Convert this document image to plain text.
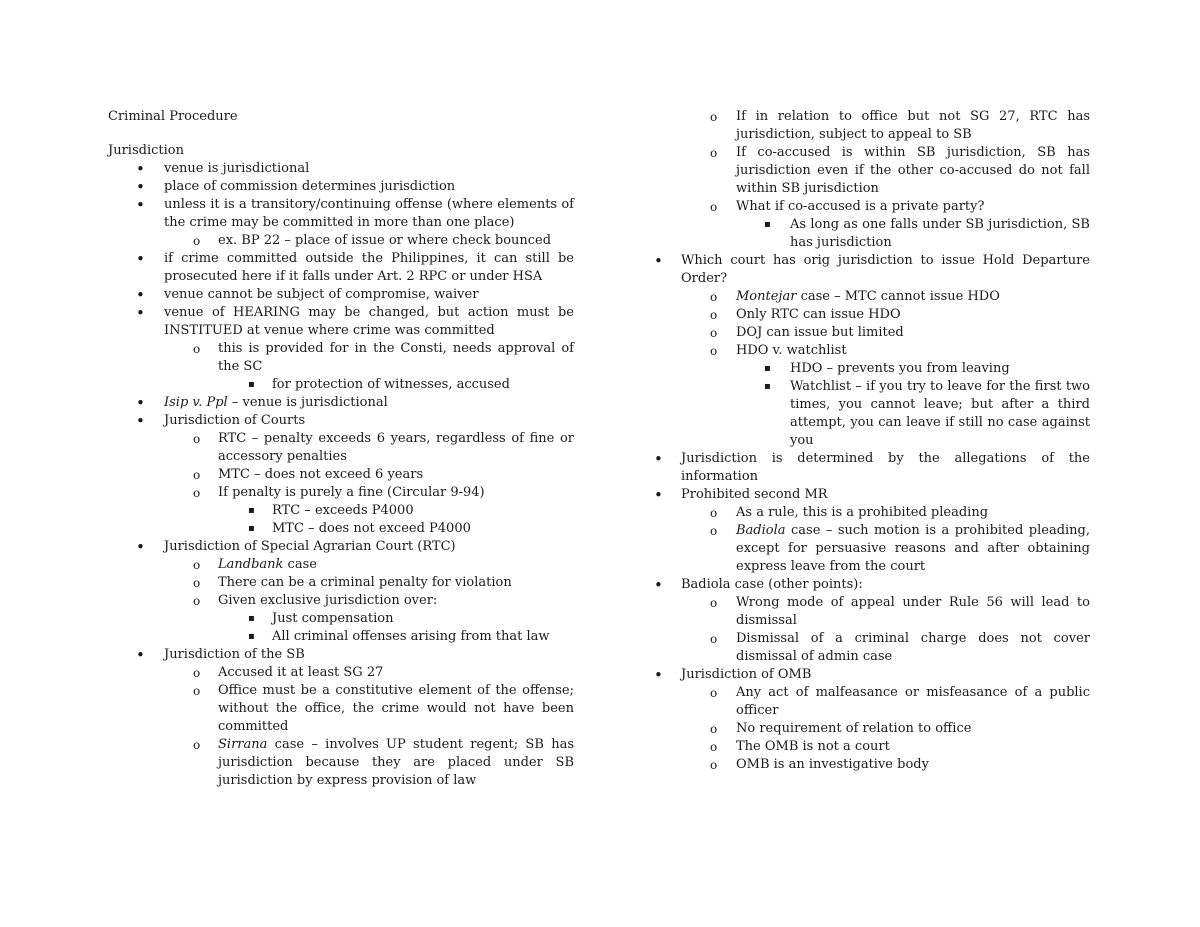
Criminal Procedure
Jurisdiction
• venue is jurisdictional
• place of commission determines jurisdiction
• unless it is a transitory/continuing offense (where elements of the crime may be committed in more than one place)
o ex. BP 22 – place of issue or where check bounced
• if crime committed outside the Philippines, it can still be prosecuted here if it falls under Art. 2 RPC or under HSA
• venue cannot be subject of compromise, waiver
• venue of HEARING may be changed, but action must be INSTITUED at venue where crime was committed
o this is provided for in the Consti, needs approval of the SC
▪ for protection of witnesses, accused
• Isip v. Ppl – venue is jurisdictional
• Jurisdiction of Courts
o RTC – penalty exceeds 6 years, regardless of fine or accessory penalties
o MTC – does not exceed 6 years
o If penalty is purely a fine (Circular 9-94)
▪ RTC – exceeds P4000
▪ MTC – does not exceed P4000
• Jurisdiction of Special Agrarian Court (RTC)
o Landbank case
o There can be a criminal penalty for violation
o Given exclusive jurisdiction over:
▪ Just compensation
▪ All criminal offenses arising from that law
• Jurisdiction of the SB
o Accused it at least SG 27
o Office must be a constitutive element of the offense; without the office, the crime would not have been committed
o Sirrana case – involves UP student regent; SB has jurisdiction because they are placed under SB jurisdiction by express provision of law
o If in relation to office but not SG 27, RTC has jurisdiction, subject to appeal to SB
o If co-accused is within SB jurisdiction, SB has jurisdiction even if the other co-accused do not fall within SB jurisdiction
o What if co-accused is a private party?
▪ As long as one falls under SB jurisdiction, SB has jurisdiction
• Which court has orig jurisdiction to issue Hold Departure Order?
o Montejar case – MTC cannot issue HDO
o Only RTC can issue HDO
o DOJ can issue but limited
o HDO v. watchlist
▪ HDO – prevents you from leaving
▪ Watchlist – if you try to leave for the first two times, you cannot leave; but after a third attempt, you can leave if still no case against you
• Jurisdiction is determined by the allegations of the information
• Prohibited second MR
o As a rule, this is a prohibited pleading
o Badiola case – such motion is a prohibited pleading, except for persuasive reasons and after obtaining express leave from the court
• Badiola case (other points):
o Wrong mode of appeal under Rule 56 will lead to dismissal
o Dismissal of a criminal charge does not cover dismissal of admin case
• Jurisdiction of OMB
o Any act of malfeasance or misfeasance of a public officer
o No requirement of relation to office
o The OMB is not a court
o OMB is an investigative body
